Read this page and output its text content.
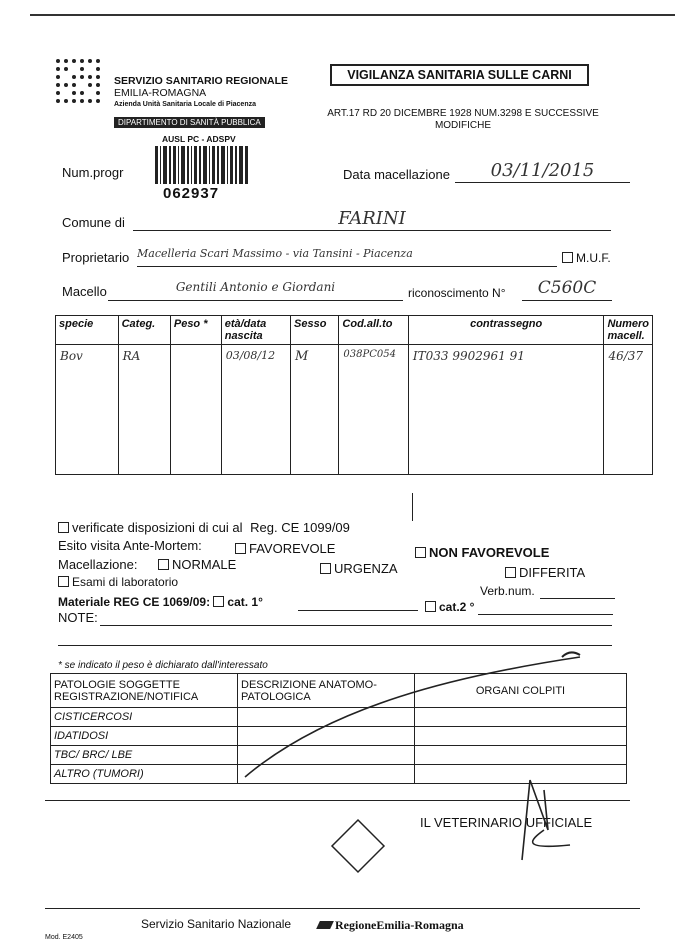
SERVIZIO SANITARIO REGIONALE
EMILIA-ROMAGNA
Azienda Unità Sanitaria Locale di Piacenza
DIPARTIMENTO DI SANITÀ PUBBLICA
AUSL PC - ADSPV
VIGILANZA SANITARIA SULLE CARNI
ART.17 RD 20 DICEMBRE 1928 NUM.3298 E SUCCESSIVE MODIFICHE
Num.progr
062937
Data macellazione	03/11/2015
Comune di	FARINI
Proprietario Macelleria Scari Massimo - via Tansini - Piacenza	M.U.F.
Macello	Gentili Antonio e Giordani	riconoscimento N°	C560C
specie	Categ.	Peso *	età/data nascita	Sesso	Cod.all.to	contrassegno	Numero macell.
Bov	RA		03/08/12	M	038PC054	IT033 9902961 91	46/37
verificate disposizioni di cui al Reg. CE 1099/09
Esito visita Ante-Mortem:	FAVOREVOLE	NON FAVOREVOLE
Macellazione:	NORMALE	URGENZA	DIFFERITA
Esami di laboratorio
Verb.num.
Materiale REG CE 1069/09: cat. 1°	cat.2 °
NOTE:
* se indicato il peso è dichiarato dall'interessato
PATOLOGIE SOGGETTE REGISTRAZIONE/NOTIFICA	DESCRIZIONE ANATOMO-PATOLOGICA	ORGANI COLPITI
CISTICERCOSI		
IDATIDOSI		
TBC/ BRC/ LBE		
ALTRO (TUMORI)		
IL VETERINARIO UFFICIALE
Servizio Sanitario Nazionale	RegioneEmilia-Romagna
Mod. E2405
